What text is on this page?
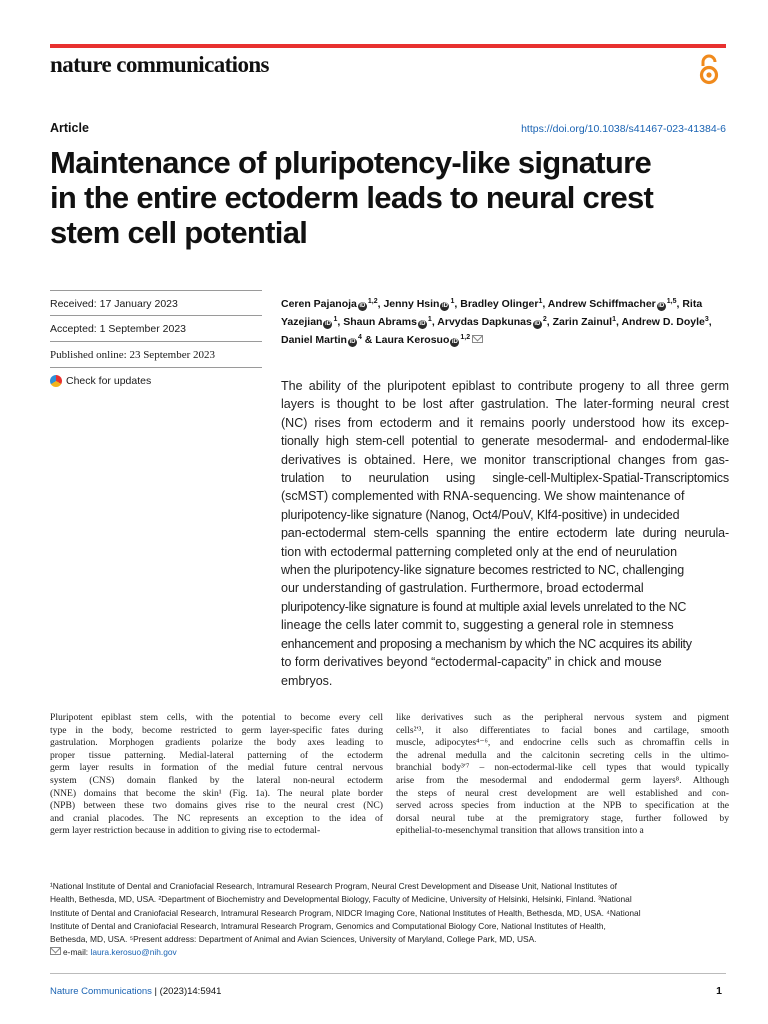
nature communications
Article	https://doi.org/10.1038/s41467-023-41384-6
Maintenance of pluripotency-like signature
in the entire ectoderm leads to neural crest
stem cell potential
Received: 17 January 2023
Accepted: 1 September 2023
Published online: 23 September 2023
Check for updates
Ceren Pajanoja iD$^{1,2}$, Jenny Hsin $iD^1$, Bradley Olinger$^1$, Andrew Schiffmacher iD$^{1,5}$, Rita Yazejian $iD^1$, Shaun Abrams $iD^1$, Arvydas Dapkunas $iD^2$, Zarin Zainul$^1$, Andrew D. Doyle$^3$, Daniel Martin $iD^4$ & Laura Kerosuo iD$^{1,2}$
The ability of the pluripotent epiblast to contribute progeny to all three germ
layers is thought to be lost after gastrulation. The later-forming neural crest
(NC) rises from ectoderm and it remains poorly understood how its excep-
tionally high stem-cell potential to generate mesodermal- and endodermal-like
derivatives is obtained. Here, we monitor transcriptional changes from gas-
trulation to neurulation using single-cell-Multiplex-Spatial-Transcriptomics
(scMST) complemented with RNA-sequencing. We show maintenance of
pluripotency-like signature (Nanog, Oct4/PouV, Klf4-positive) in undecided
pan-ectodermal stem-cells spanning the entire ectoderm late during neurula-
tion with ectodermal patterning completed only at the end of neurulation
when the pluripotency-like signature becomes restricted to NC, challenging
our understanding of gastrulation. Furthermore, broad ectodermal
pluripotency-like signature is found at multiple axial levels unrelated to the NC
lineage the cells later commit to, suggesting a general role in stemness
enhancement and proposing a mechanism by which the NC acquires its ability
to form derivatives beyond “ectodermal-capacity” in chick and mouse
embryos.
Pluripotent epiblast stem cells, with the potential to become every cell
type in the body, become restricted to germ layer-specific fates during
gastrulation. Morphogen gradients polarize the body axes leading to
proper tissue patterning. Medial-lateral patterning of the ectoderm
germ layer results in formation of the medial future central nervous
system (CNS) domain flanked by the lateral non-neural ectoderm
(NNE) domains that become the skin¹ (Fig. 1a). The neural plate border
(NPB) between these two domains gives rise to the neural crest (NC)
and cranial placodes. The NC represents an exception to the idea of
germ layer restriction because in addition to giving rise to ectodermal-
like derivatives such as the peripheral nervous system and pigment
cells²ʹ³, it also differentiates to facial bones and cartilage, smooth
muscle, adipocytes⁴⁻⁶, and endocrine cells such as chromaffin cells in
the adrenal medulla and the calcitonin secreting cells in the ultimo-
branchial body³ʹ⁷ – non-ectodermal-like cell types that would typically
arise from the mesodermal and endodermal germ layers⁸. Although
the steps of neural crest development are well established and con-
served across species from induction at the NPB to specification at the
dorsal neural tube at the premigratory stage, further followed by
epithelial-to-mesenchymal transition that allows transition into a
¹National Institute of Dental and Craniofacial Research, Intramural Research Program, Neural Crest Development and Disease Unit, National Institutes of
Health, Bethesda, MD, USA. ²Department of Biochemistry and Developmental Biology, Faculty of Medicine, University of Helsinki, Helsinki, Finland. ³National
Institute of Dental and Craniofacial Research, Intramural Research Program, NIDCR Imaging Core, National Institutes of Health, Bethesda, MD, USA. ⁴National
Institute of Dental and Craniofacial Research, Intramural Research Program, Genomics and Computational Biology Core, National Institutes of Health,
Bethesda, MD, USA. ⁵Present address: Department of Animal and Avian Sciences, University of Maryland, College Park, MD, USA.
e-mail: laura.kerosuo@nih.gov
Nature Communications | (2023)14:5941	1
